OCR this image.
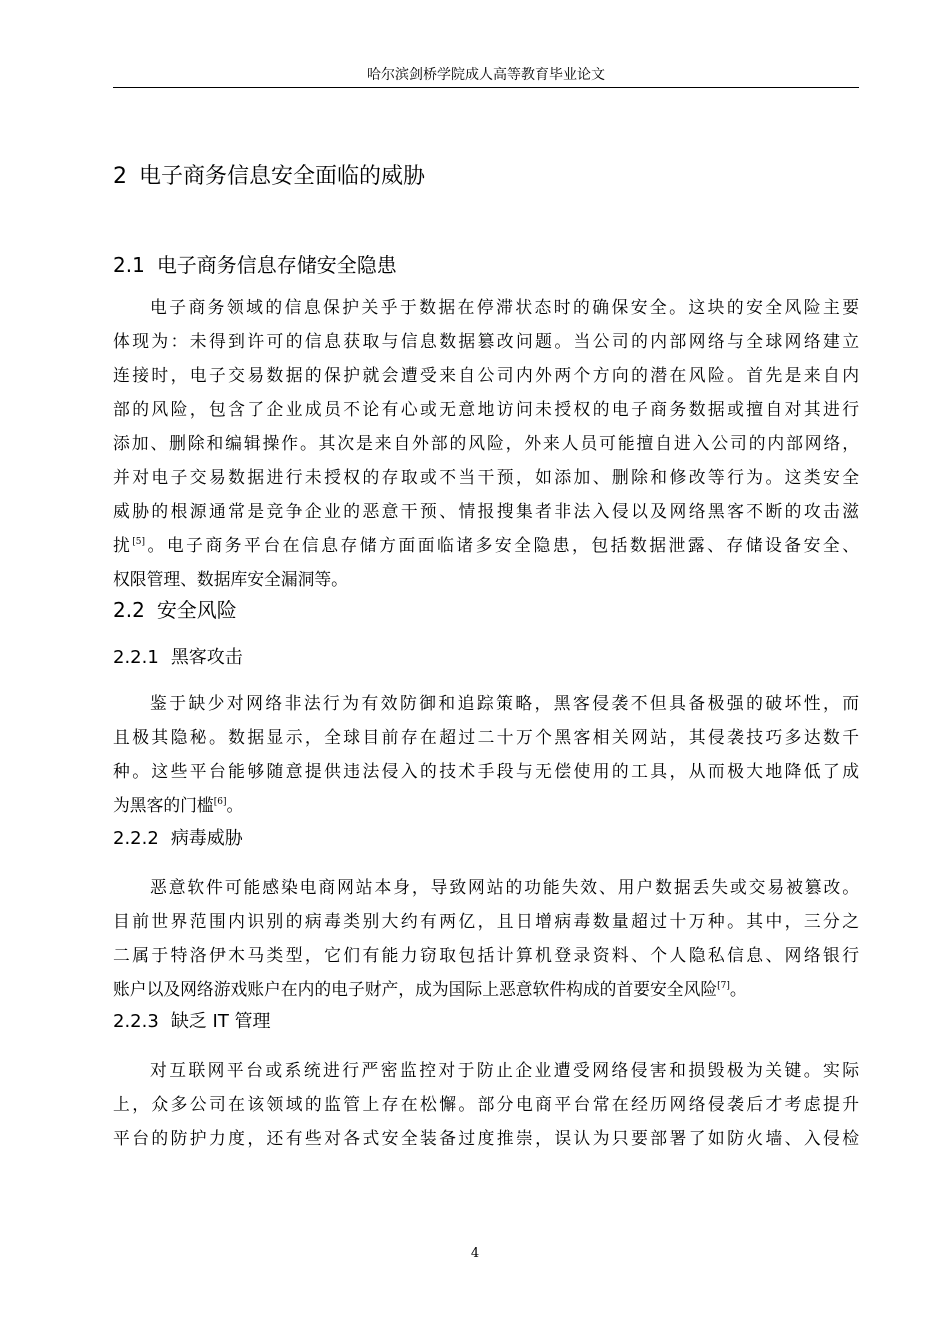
哈尔滨剑桥学院成人高等教育毕业论文
2 电子商务信息安全面临的威胁
2.1 电子商务信息存储安全隐患
电子商务领域的信息保护关乎于数据在停滞状态时的确保安全。这块的安全风险主要
体现为：未得到许可的信息获取与信息数据篡改问题。当公司的内部网络与全球网络建立
连接时，电子交易数据的保护就会遭受来自公司内外两个方向的潜在风险。首先是来自内
部的风险，包含了企业成员不论有心或无意地访问未授权的电子商务数据或擅自对其进行
添加、删除和编辑操作。其次是来自外部的风险，外来人员可能擅自进入公司的内部网络，
并对电子交易数据进行未授权的存取或不当干预，如添加、删除和修改等行为。这类安全
威胁的根源通常是竞争企业的恶意干预、情报搜集者非法入侵以及网络黑客不断的攻击滋
扰[5]。电子商务平台在信息存储方面面临诸多安全隐患，包括数据泄露、存储设备安全、
权限管理、数据库安全漏洞等。
2.2 安全风险
2.2.1 黑客攻击
鉴于缺少对网络非法行为有效防御和追踪策略，黑客侵袭不但具备极强的破坏性，而
且极其隐秘。数据显示，全球目前存在超过二十万个黑客相关网站，其侵袭技巧多达数千
种。这些平台能够随意提供违法侵入的技术手段与无偿使用的工具，从而极大地降低了成
为黑客的门槛[6]。
2.2.2 病毒威胁
恶意软件可能感染电商网站本身，导致网站的功能失效、用户数据丢失或交易被篡改。
目前世界范围内识别的病毒类别大约有两亿，且日增病毒数量超过十万种。其中，三分之
二属于特洛伊木马类型，它们有能力窃取包括计算机登录资料、个人隐私信息、网络银行
账户以及网络游戏账户在内的电子财产，成为国际上恶意软件构成的首要安全风险[7]。
2.2.3 缺乏 IT 管理
对互联网平台或系统进行严密监控对于防止企业遭受网络侵害和损毁极为关键。实际
上，众多公司在该领域的监管上存在松懈。部分电商平台常在经历网络侵袭后才考虑提升
平台的防护力度，还有些对各式安全装备过度推崇，误认为只要部署了如防火墙、入侵检
4
